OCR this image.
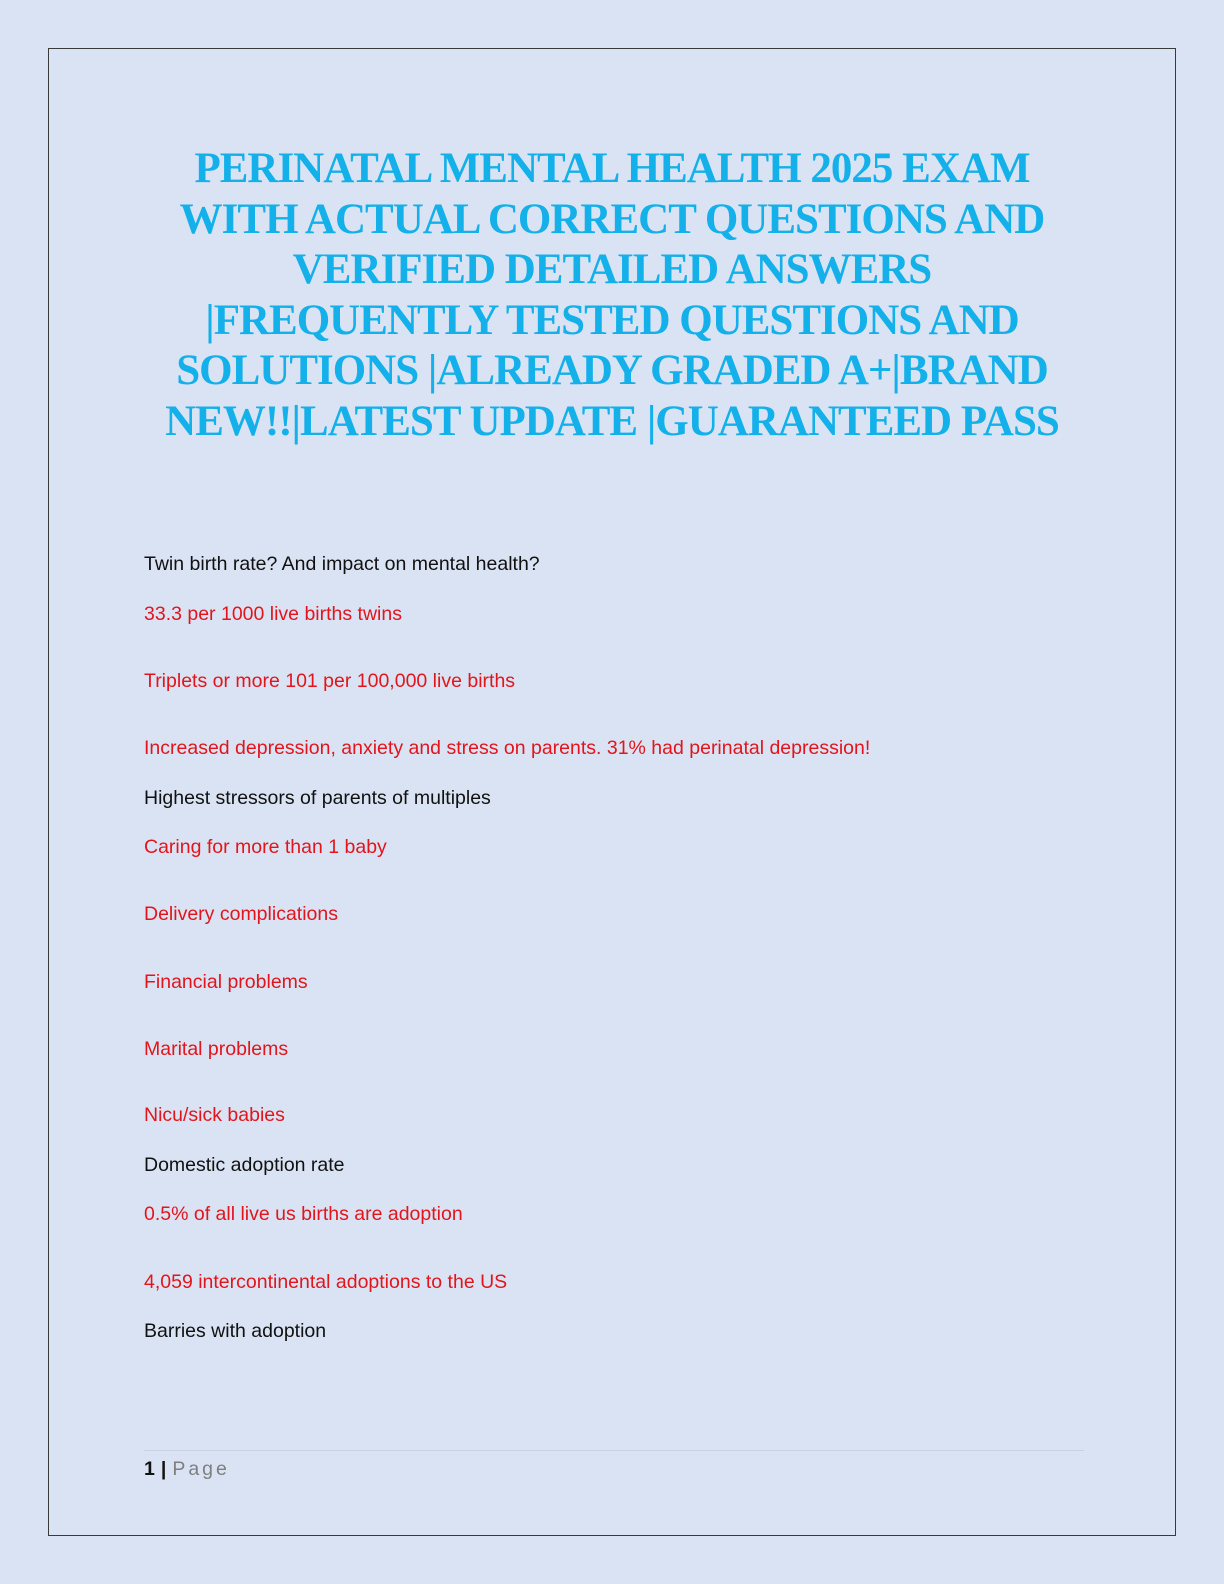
PERINATAL MENTAL HEALTH 2025 EXAM
WITH ACTUAL CORRECT QUESTIONS AND
VERIFIED DETAILED ANSWERS
|FREQUENTLY TESTED QUESTIONS AND
SOLUTIONS |ALREADY GRADED A+|BRAND
NEW!!|LATEST UPDATE |GUARANTEED PASS

Twin birth rate? And impact on mental health?

33.3 per 1000 live births twins

Triplets or more 101 per 100,000 live births

Increased depression, anxiety and stress on parents. 31% had perinatal depression!

Highest stressors of parents of multiples

Caring for more than 1 baby

Delivery complications

Financial problems

Marital problems

Nicu/sick babies

Domestic adoption rate

0.5% of all live us births are adoption

4,059 intercontinental adoptions to the US

Barries with adoption

1 | Page
